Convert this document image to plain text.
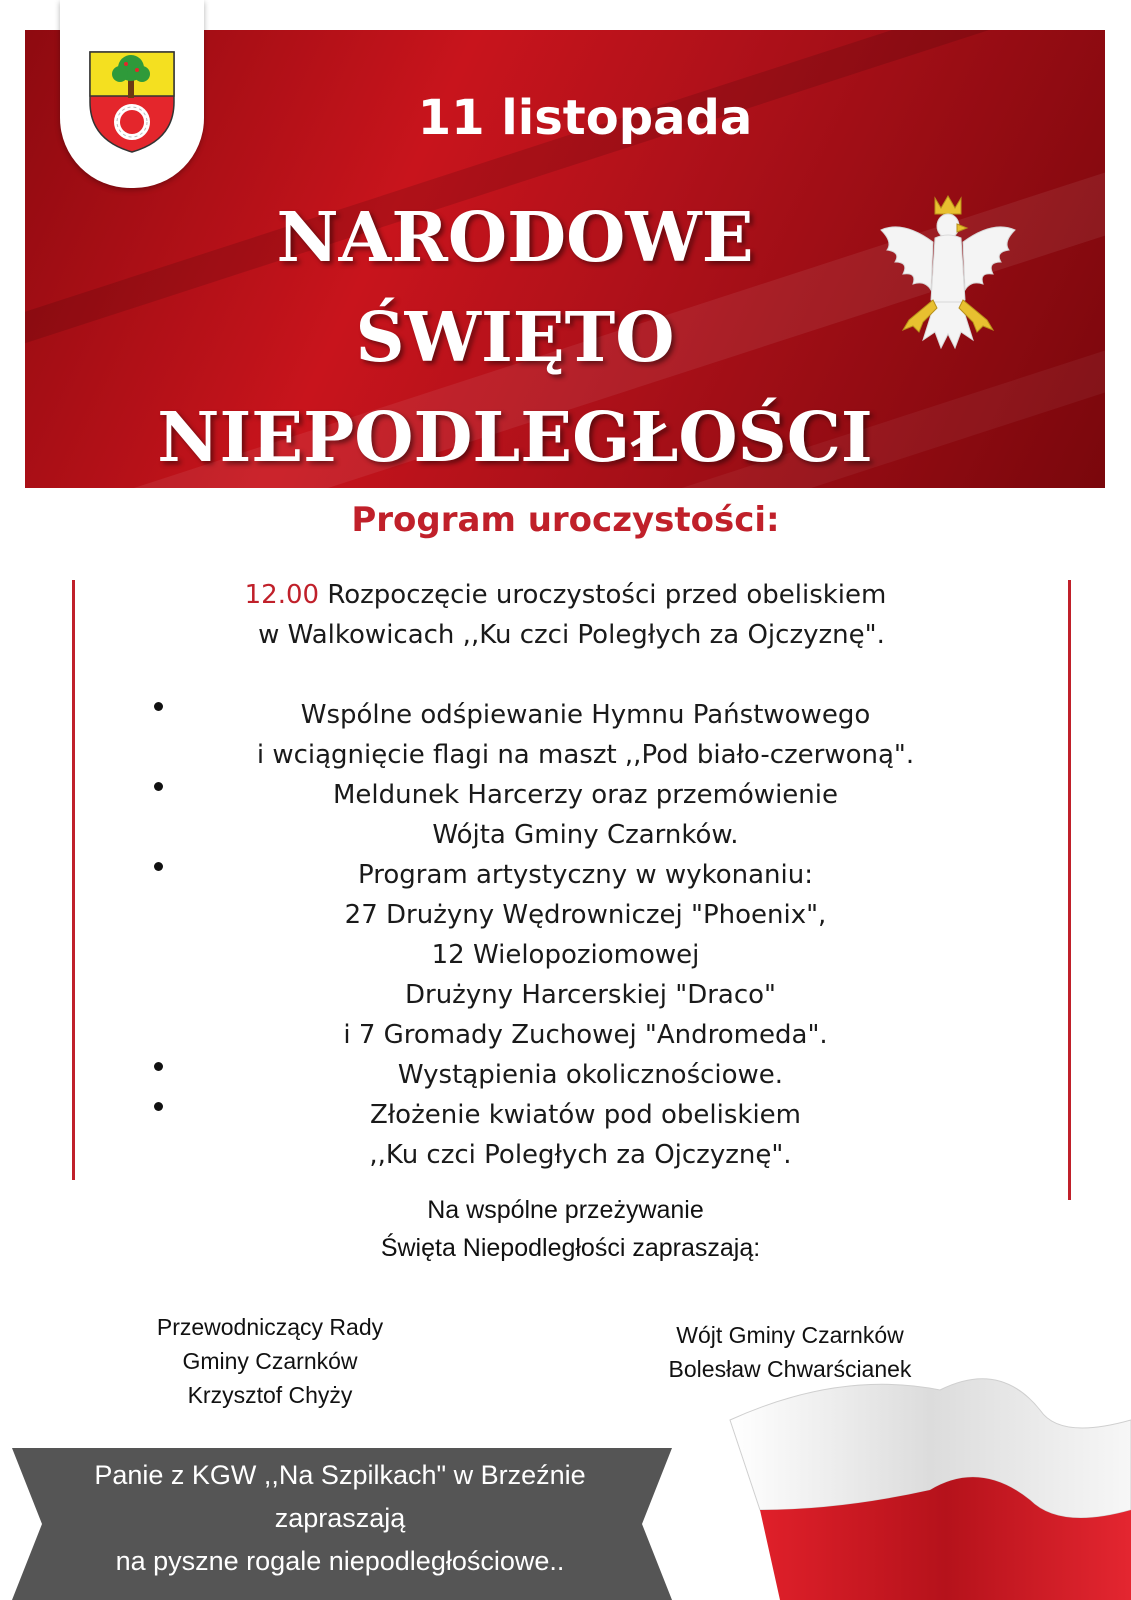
11 listopada
NARODOWE
ŚWIĘTO
NIEPODLEGŁOŚCI
Program uroczystości:
12.00 Rozpoczęcie uroczystości przed obeliskiem
w Walkowicach ,,Ku czci Poległych za Ojczyznę".
Wspólne odśpiewanie Hymnu Państwowego
i wciągnięcie flagi na maszt ,,Pod biało-czerwoną".
Meldunek Harcerzy oraz przemówienie
Wójta Gminy Czarnków.
Program artystyczny w wykonaniu:
27 Drużyny Wędrowniczej "Phoenix",
12 Wielopoziomowej
Drużyny Harcerskiej "Draco"
i 7 Gromady Zuchowej "Andromeda".
Wystąpienia okolicznościowe.
Złożenie kwiatów pod obeliskiem
,,Ku czci Poległych za Ojczyznę".
Na wspólne przeżywanie
Święta Niepodległości zapraszają:
Przewodniczący Rady
Gminy Czarnków
Krzysztof Chyży
Wójt Gminy Czarnków
Bolesław Chwarścianek
Panie z KGW ,,Na Szpilkach" w Brzeźnie
zapraszają
na pyszne rogale niepodległościowe..
